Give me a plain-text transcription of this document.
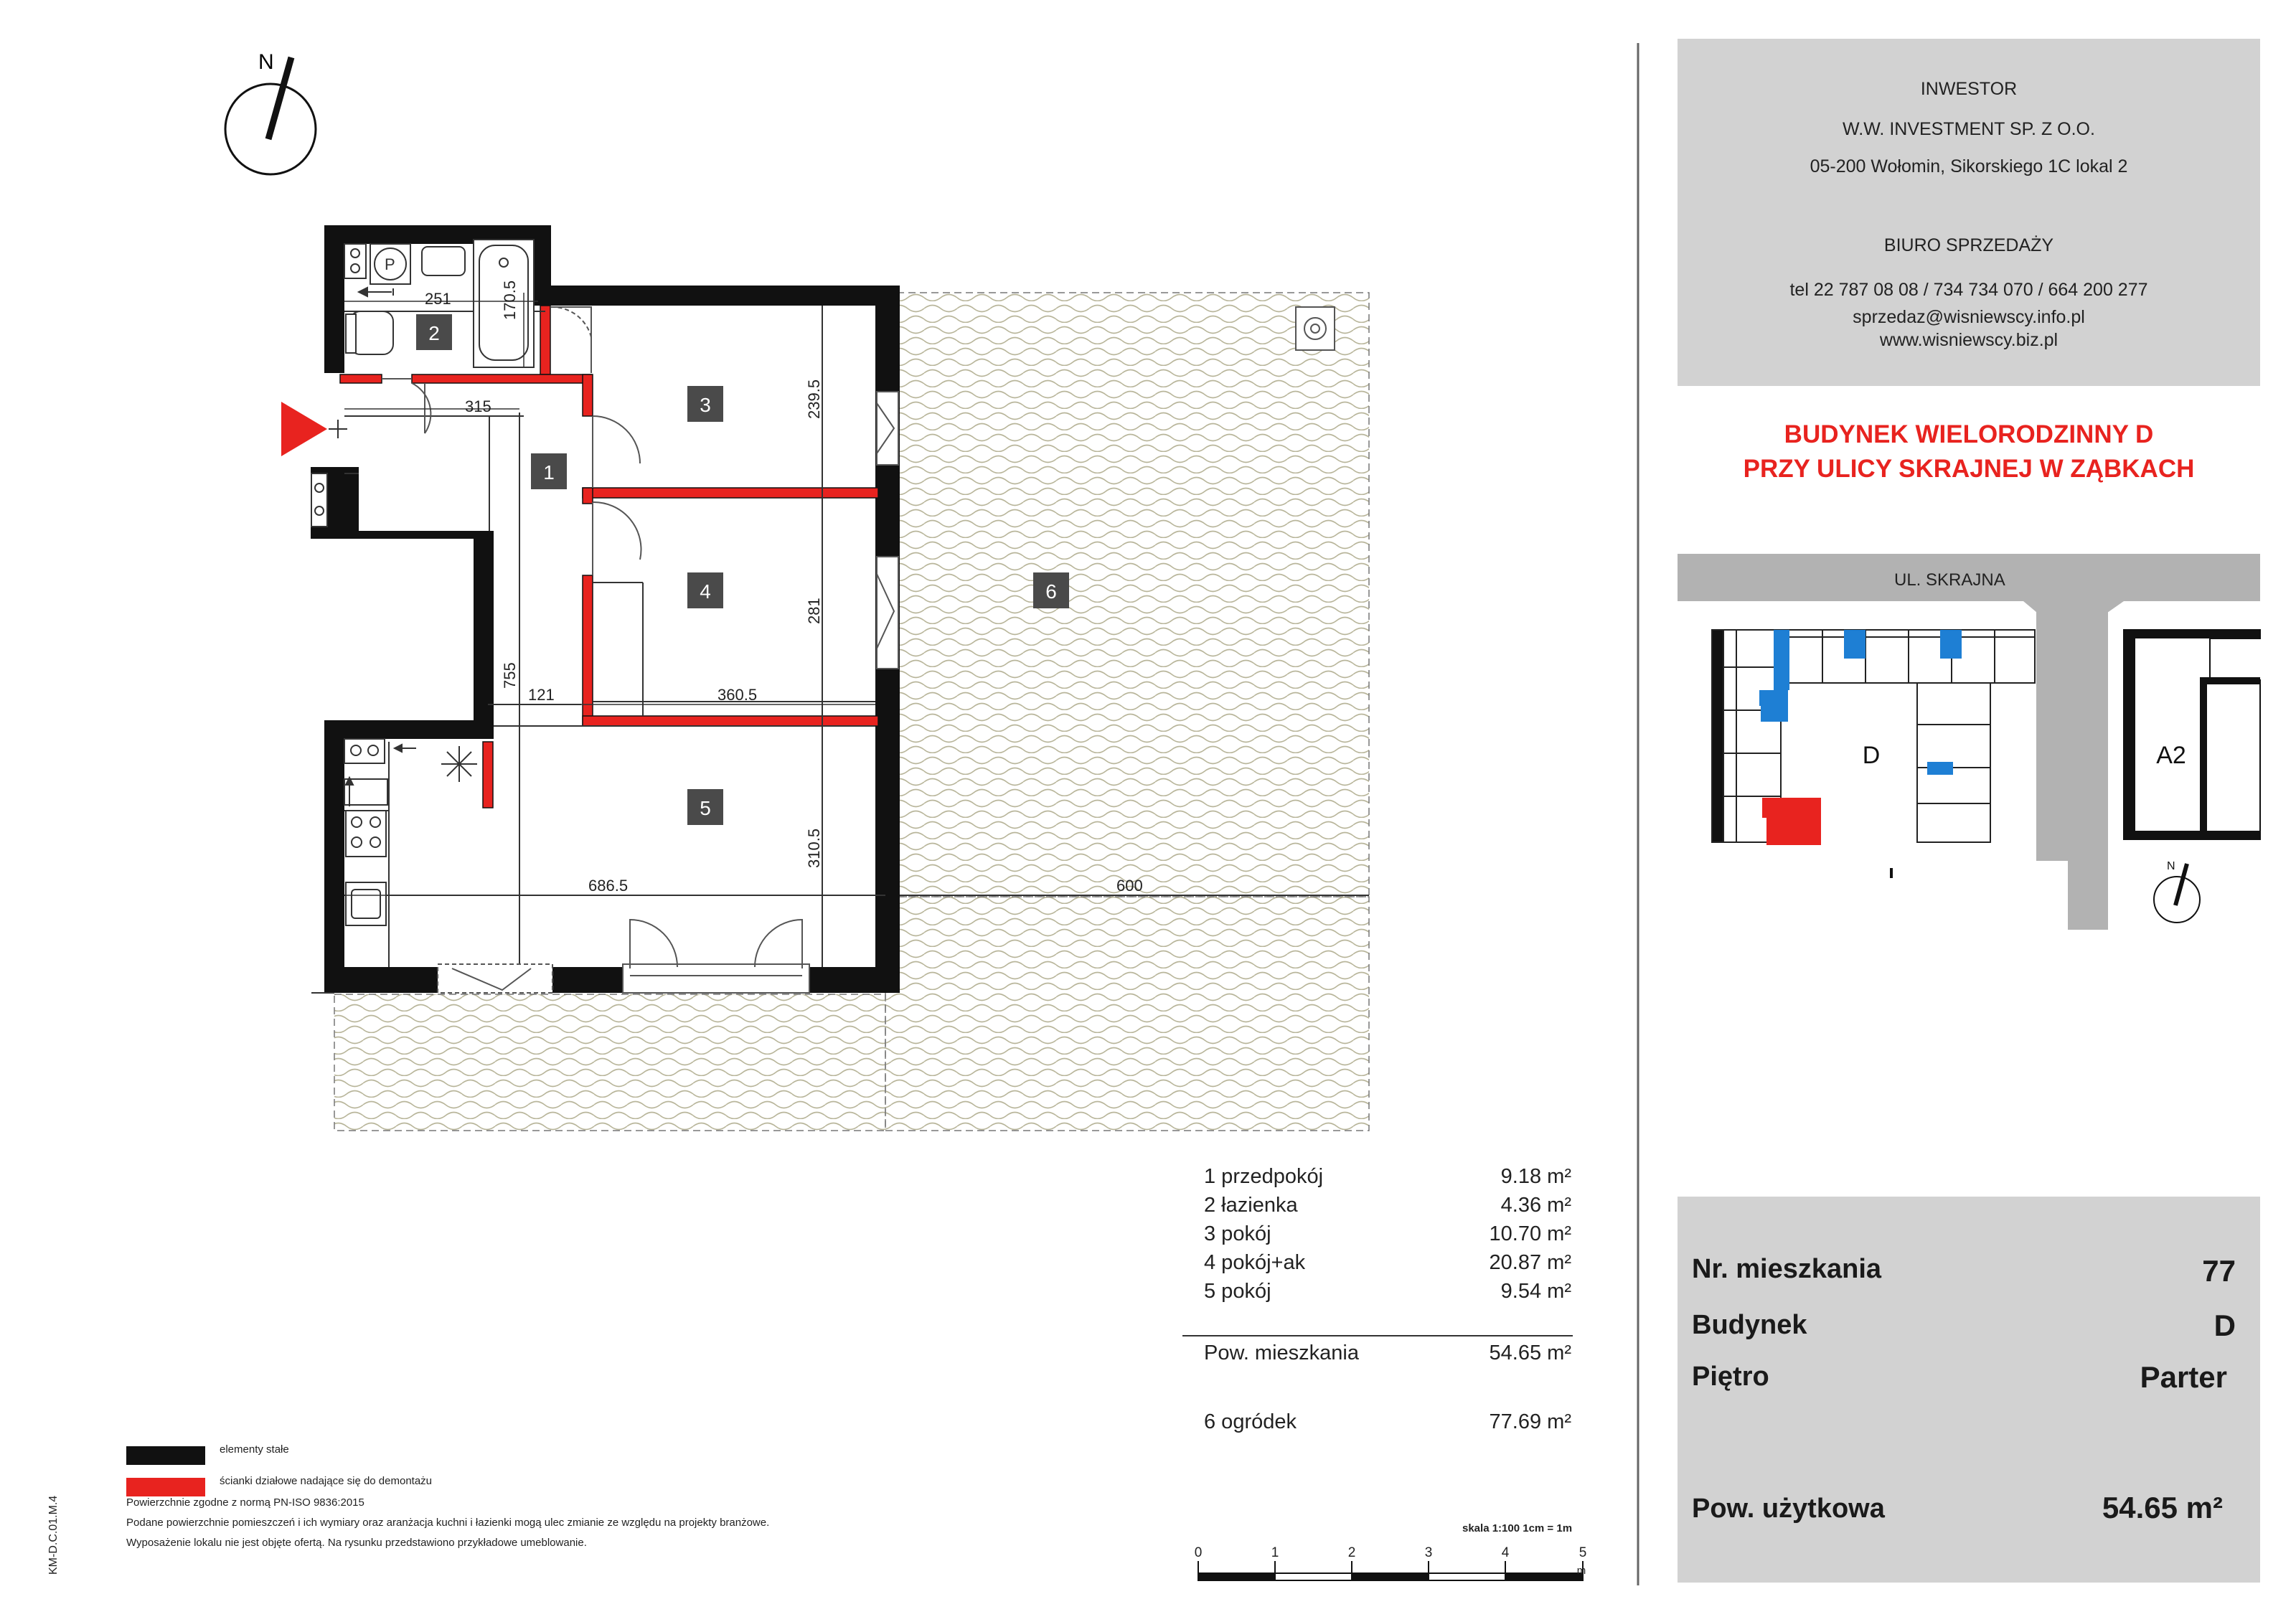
N
P
2
1
3
4
5
6
251	170.5
315	239.5
281
755
121	360.5
310.5
686.5	600
0	1	2	3	4	5
m
UL. SKRAJNA
D	A2
N
INWESTOR
W.W. INVESTMENT SP. Z O.O.
05-200 Wołomin, Sikorskiego 1C lokal 2
BIURO SPRZEDAŻY
tel 22 787 08 08 / 734 734 070 / 664 200 277
sprzedaz@wisniewscy.info.pl
www.wisniewscy.biz.pl
BUDYNEK WIELORODZINNY D
PRZY ULICY SKRAJNEJ W ZĄBKACH
1 przedpokój	9.18 m²
2 łazienka	4.36 m²
3 pokój	10.70 m²
4 pokój+ak	20.87 m²
5 pokój	9.54 m²
Pow. mieszkania	54.65 m²
6 ogródek	77.69 m²
elementy stałe
ścianki działowe nadające się do demontażu
Powierzchnie zgodne z normą PN-ISO 9836:2015
Podane powierzchnie pomieszczeń i ich wymiary oraz aranżacja kuchni i łazienki mogą ulec zmianie ze względu na projekty branżowe.
Wyposażenie lokalu nie jest objęte ofertą. Na rysunku przedstawiono przykładowe umeblowanie.
KM-D.C.01.M.4	skala 1:100 1cm = 1m
Nr. mieszkania	77
Budynek	D
Piętro	Parter
Pow. użytkowa	54.65 m²
